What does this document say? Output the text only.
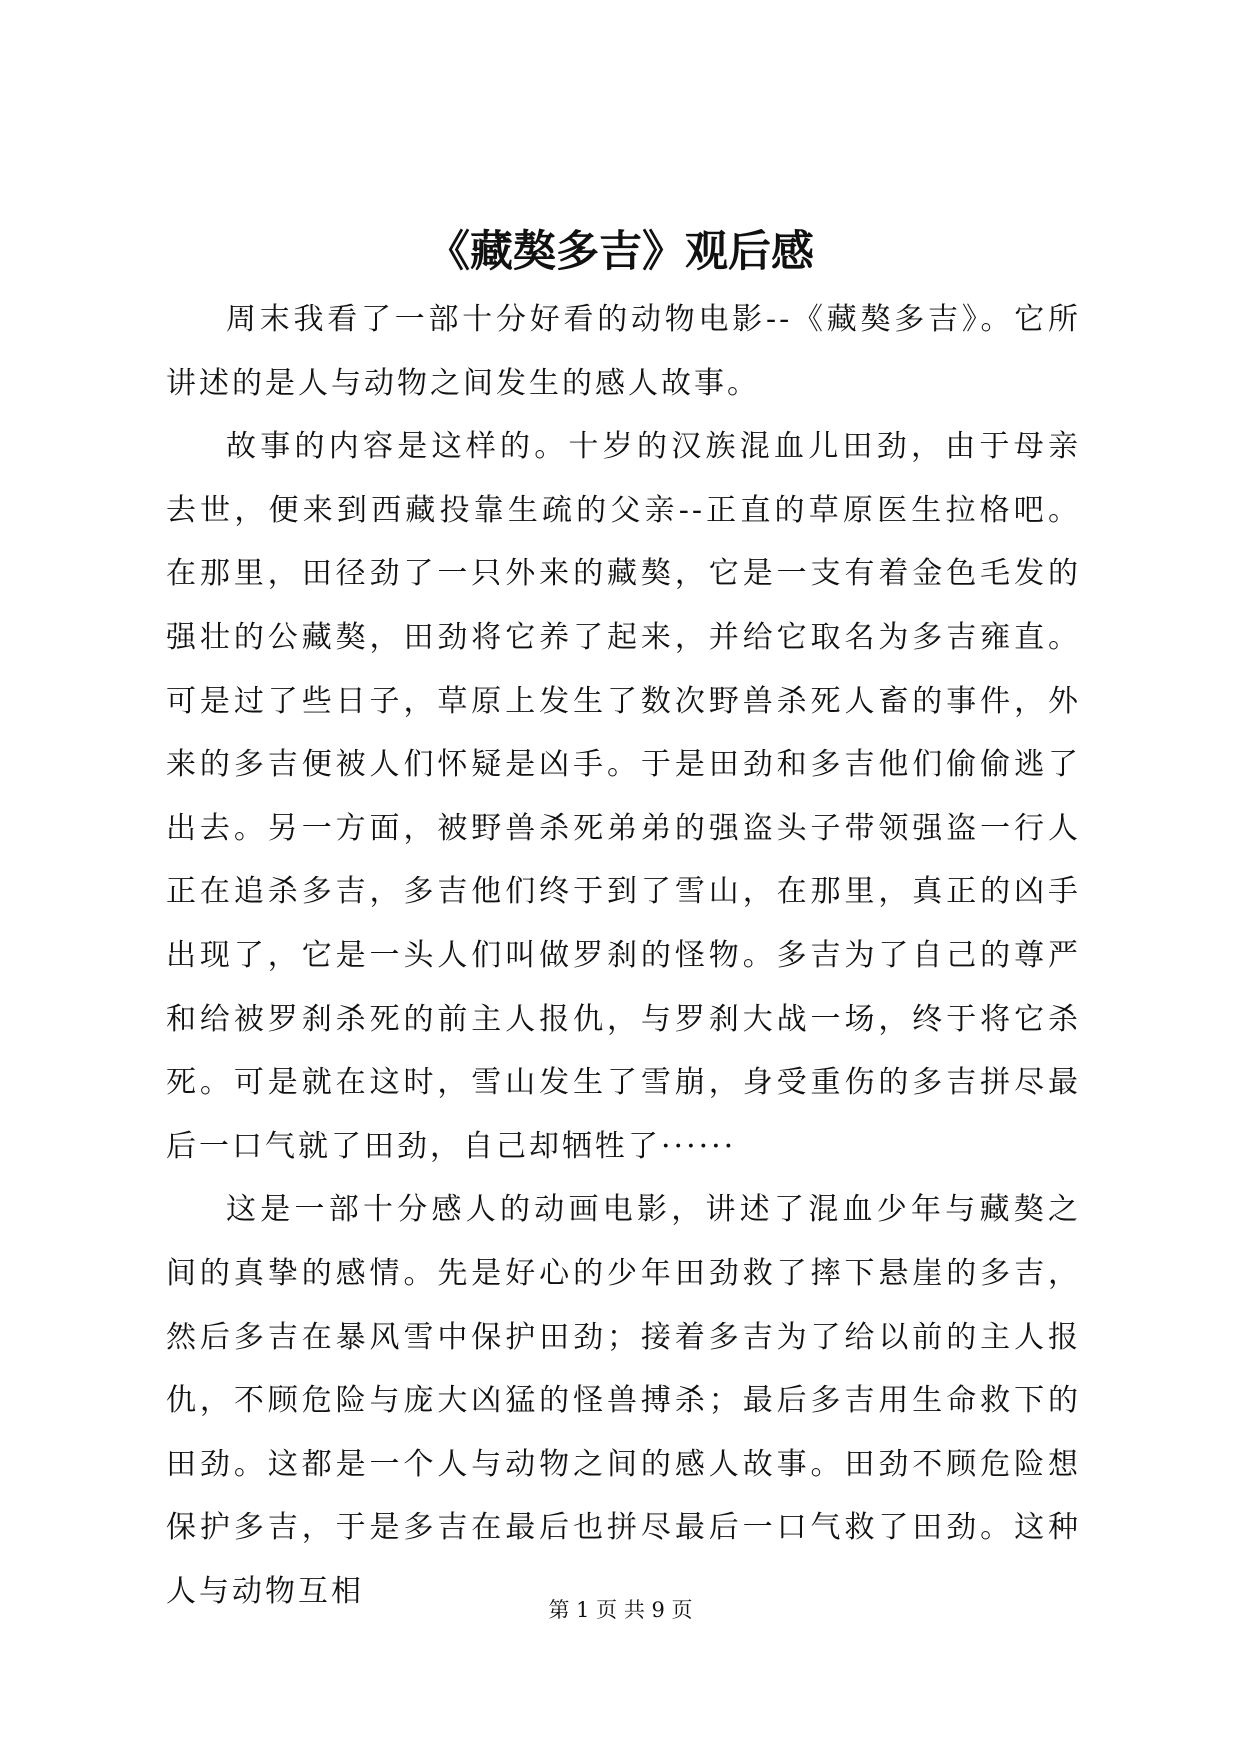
《藏獒多吉》观后感

周末我看了一部十分好看的动物电影--《藏獒多吉》。它所讲述的是人与动物之间发生的感人故事。

故事的内容是这样的。十岁的汉族混血儿田劲，由于母亲去世，便来到西藏投靠生疏的父亲--正直的草原医生拉格吧。在那里，田径劲了一只外来的藏獒，它是一支有着金色毛发的强壮的公藏獒，田劲将它养了起来，并给它取名为多吉雍直。可是过了些日子，草原上发生了数次野兽杀死人畜的事件，外来的多吉便被人们怀疑是凶手。于是田劲和多吉他们偷偷逃了出去。另一方面，被野兽杀死弟弟的强盗头子带领强盗一行人正在追杀多吉，多吉他们终于到了雪山，在那里，真正的凶手出现了，它是一头人们叫做罗刹的怪物。多吉为了自己的尊严和给被罗刹杀死的前主人报仇，与罗刹大战一场，终于将它杀死。可是就在这时，雪山发生了雪崩，身受重伤的多吉拼尽最后一口气就了田劲，自己却牺牲了······

这是一部十分感人的动画电影，讲述了混血少年与藏獒之间的真挚的感情。先是好心的少年田劲救了摔下悬崖的多吉，然后多吉在暴风雪中保护田劲；接着多吉为了给以前的主人报仇，不顾危险与庞大凶猛的怪兽搏杀；最后多吉用生命救下的田劲。这都是一个人与动物之间的感人故事。田劲不顾危险想保护多吉，于是多吉在最后也拼尽最后一口气救了田劲。这种人与动物互相

第 1 页 共 9 页
